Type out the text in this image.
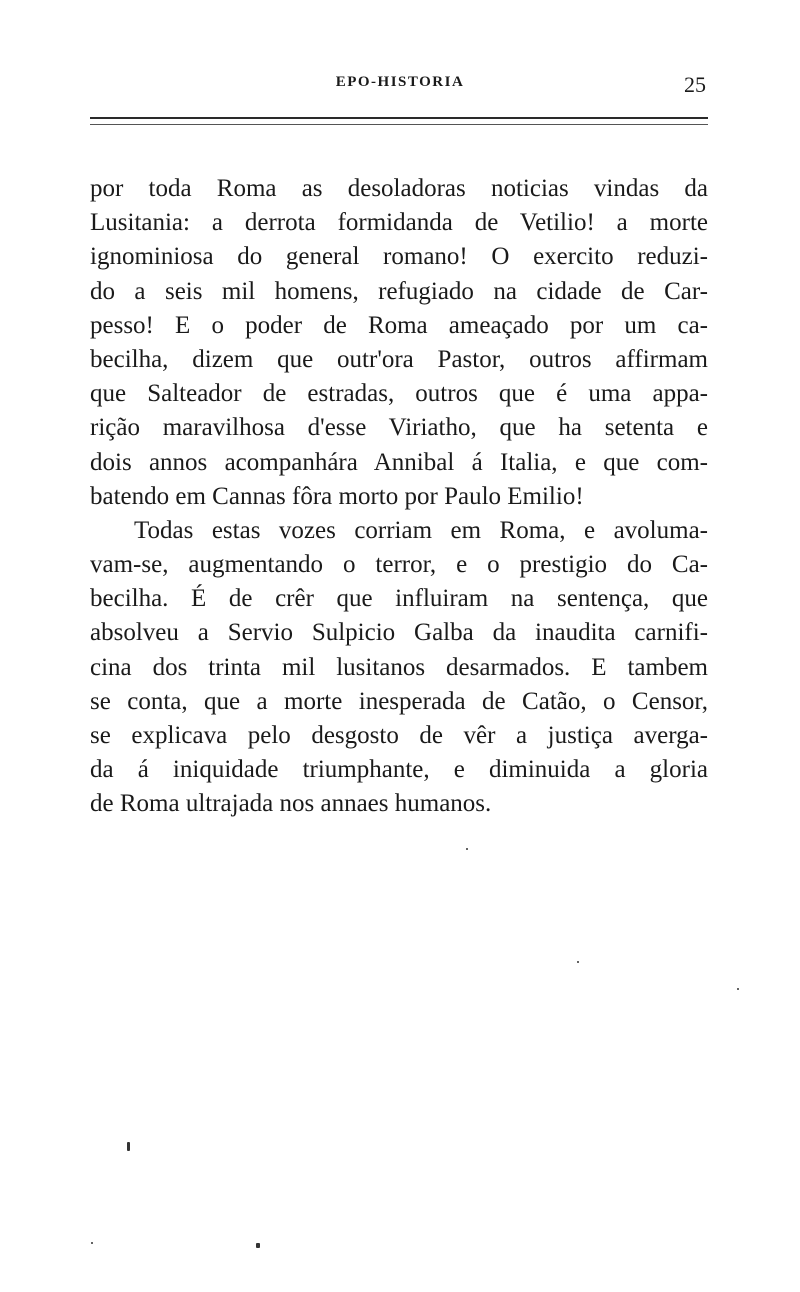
EPO-HISTORIA	25
por toda Roma as desoladoras noticias vindas da
Lusitania: a derrota formidanda de Vetilio! a morte
ignominiosa do general romano! O exercito reduzi-
do a seis mil homens, refugiado na cidade de Car-
pesso! E o poder de Roma ameaçado por um ca-
becilha, dizem que outr'ora Pastor, outros affirmam
que Salteador de estradas, outros que é uma appa-
rição maravilhosa d'esse Viriatho, que ha setenta e
dois annos acompanhára Annibal á Italia, e que com-
batendo em Cannas fôra morto por Paulo Emilio!
Todas estas vozes corriam em Roma, e avoluma-
vam-se, augmentando o terror, e o prestigio do Ca-
becilha. É de crêr que influiram na sentença, que
absolveu a Servio Sulpicio Galba da inaudita carnifi-
cina dos trinta mil lusitanos desarmados. E tambem
se conta, que a morte inesperada de Catão, o Censor,
se explicava pelo desgosto de vêr a justiça averga-
da á iniquidade triumphante, e diminuida a gloria
de Roma ultrajada nos annaes humanos.
